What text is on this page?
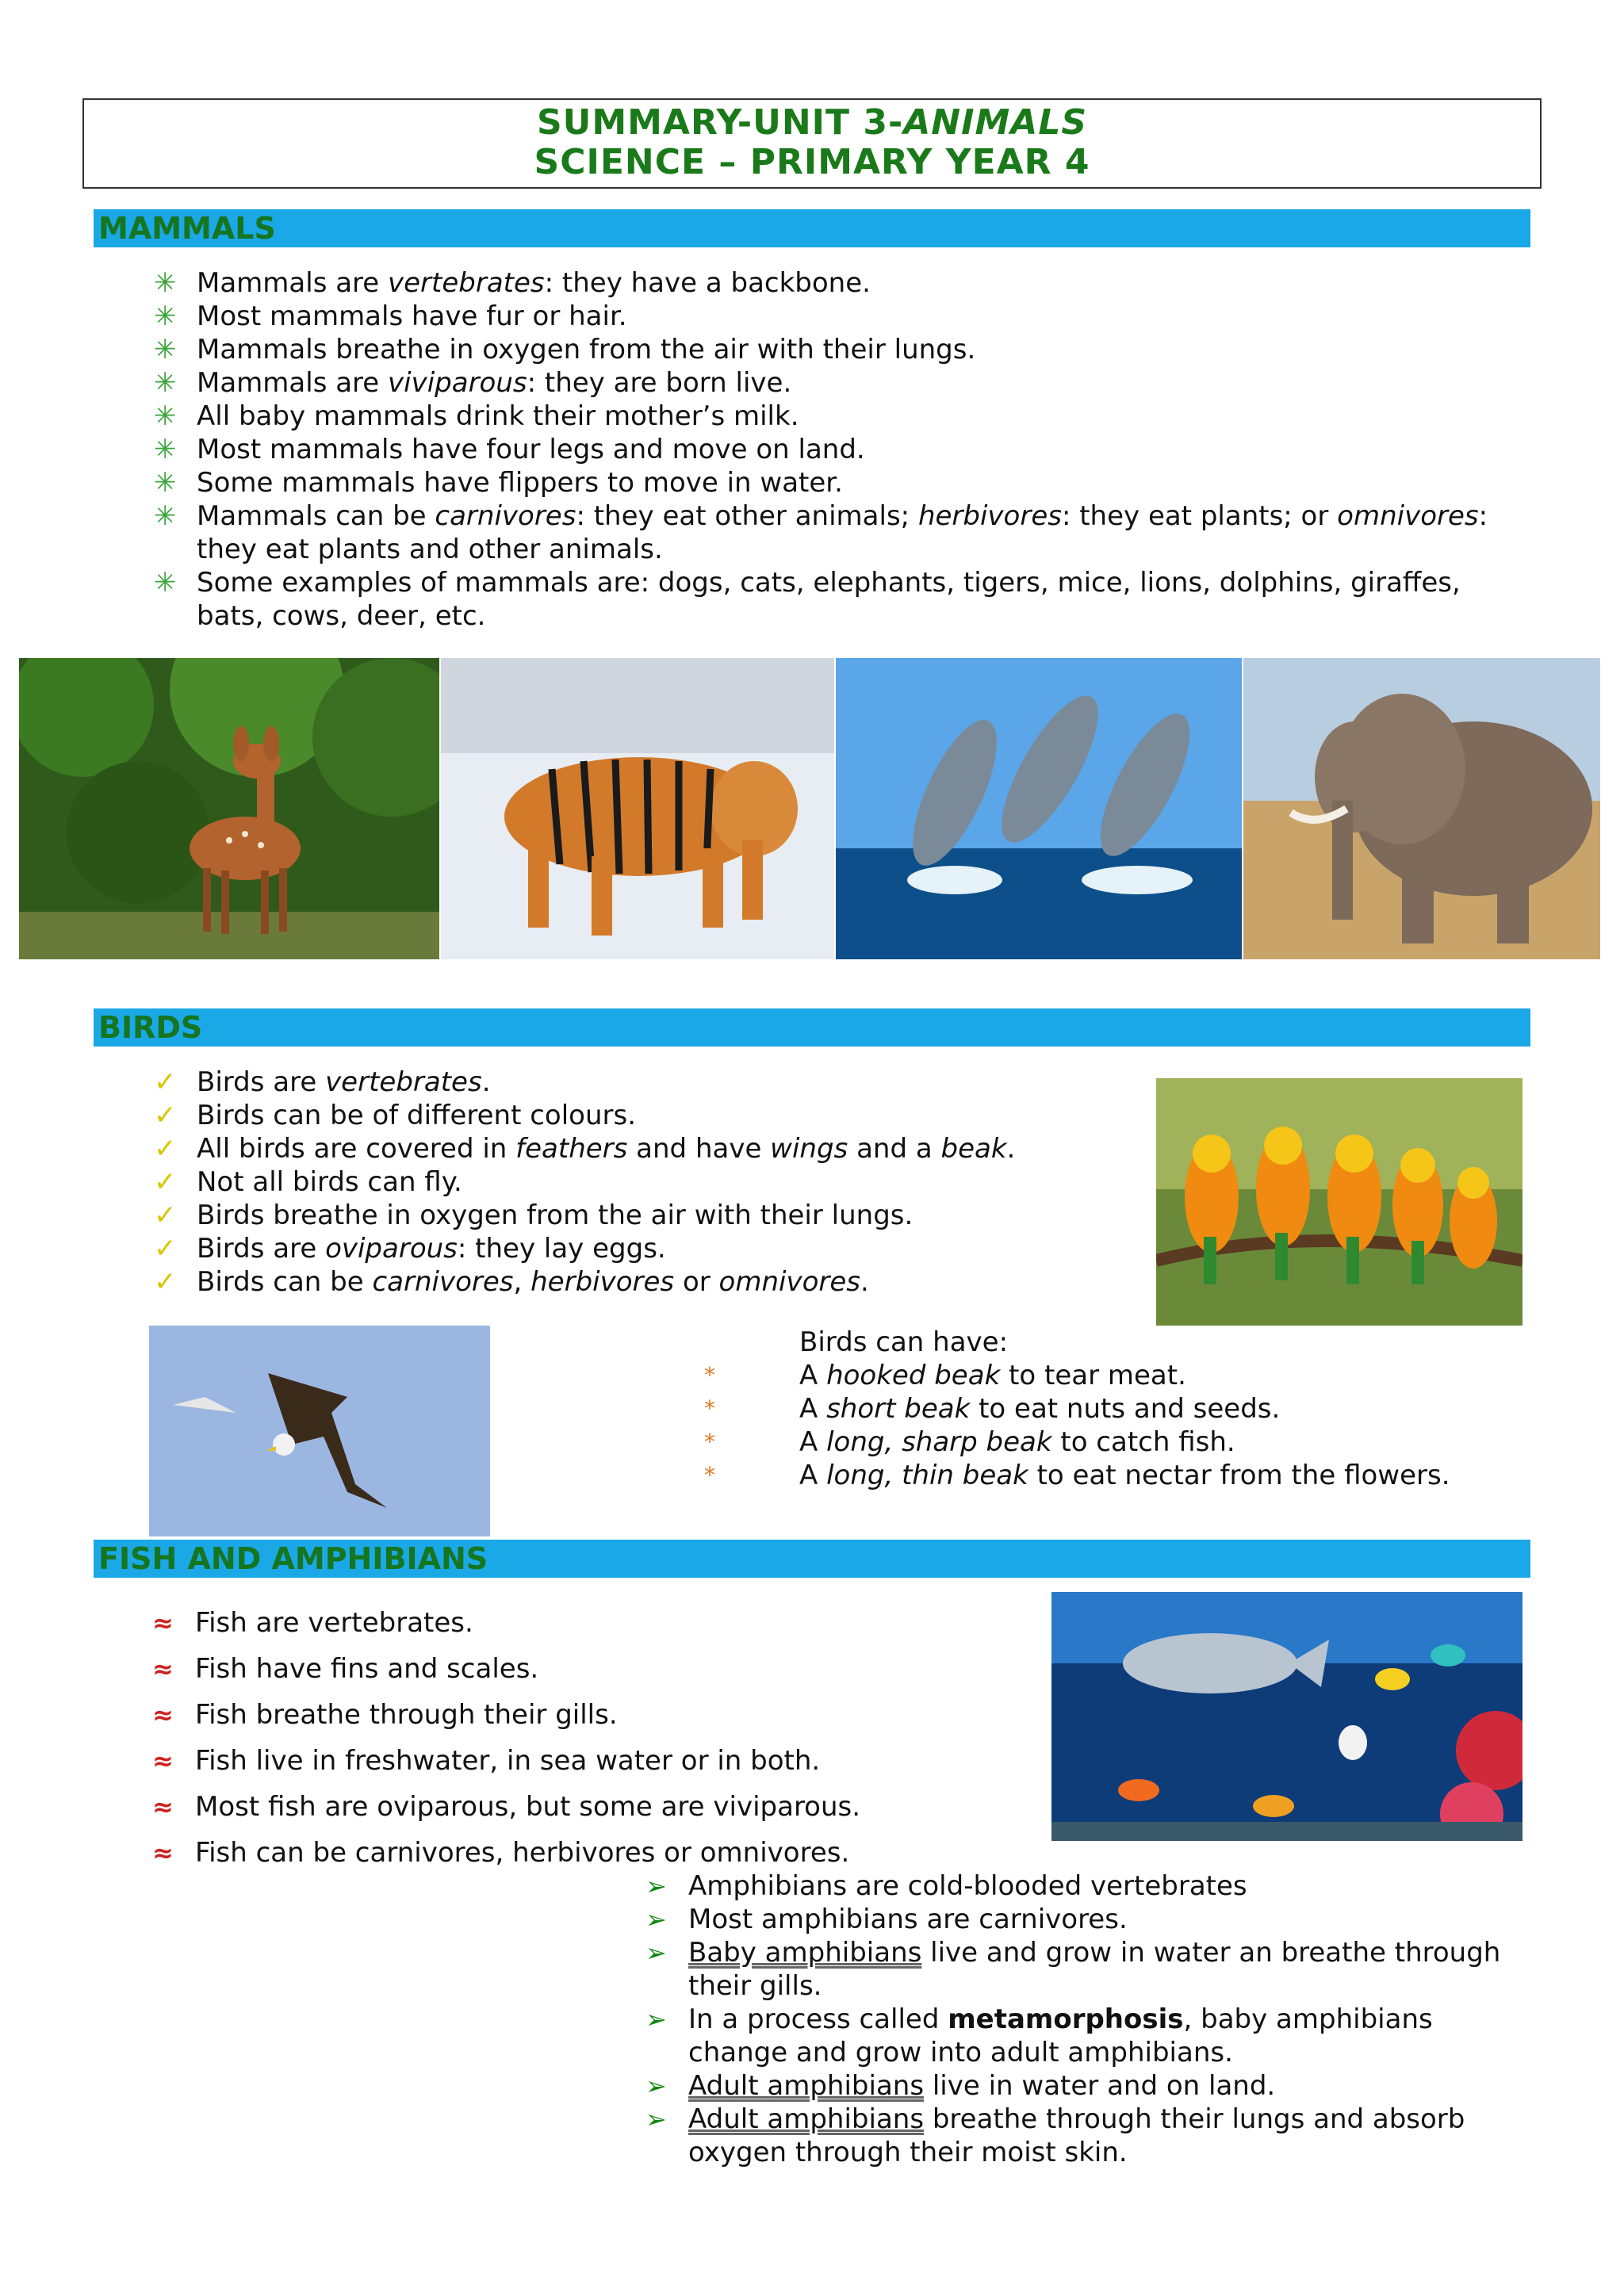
SUMMARY-UNIT 3-ANIMALS
SCIENCE – PRIMARY YEAR 4
MAMMALS
✳ Mammals are vertebrates: they have a backbone.
✳ Most mammals have fur or hair.
✳ Mammals breathe in oxygen from the air with their lungs.
✳ Mammals are viviparous: they are born live.
✳ All baby mammals drink their mother’s milk.
✳ Most mammals have four legs and move on land.
✳ Some mammals have flippers to move in water.
✳ Mammals can be carnivores: they eat other animals; herbivores: they eat plants; or omnivores: they eat plants and other animals.
✳ Some examples of mammals are: dogs, cats, elephants, tigers, mice, lions, dolphins, giraffes, bats, cows, deer, etc.
BIRDS
✓ Birds are vertebrates.
✓ Birds can be of different colours.
✓ All birds are covered in feathers and have wings and a beak.
✓ Not all birds can fly.
✓ Birds breathe in oxygen from the air with their lungs.
✓ Birds are oviparous: they lay eggs.
✓ Birds can be carnivores, herbivores or omnivores.
Birds can have:
*	A hooked beak to tear meat.
*	A short beak to eat nuts and seeds.
*	A long, sharp beak to catch fish.
*	A long, thin beak to eat nectar from the flowers.
FISH AND AMPHIBIANS
≈ Fish are vertebrates.
≈ Fish have fins and scales.
≈ Fish breathe through their gills.
≈ Fish live in freshwater, in sea water or in both.
≈ Most fish are oviparous, but some are viviparous.
≈ Fish can be carnivores, herbivores or omnivores.
➢ Amphibians are cold-blooded vertebrates
➢ Most amphibians are carnivores.
➢ Baby amphibians live and grow in water an breathe through their gills.
➢ In a process called metamorphosis, baby amphibians change and grow into adult amphibians.
➢ Adult amphibians live in water and on land.
➢ Adult amphibians breathe through their lungs and absorb oxygen through their moist skin.
